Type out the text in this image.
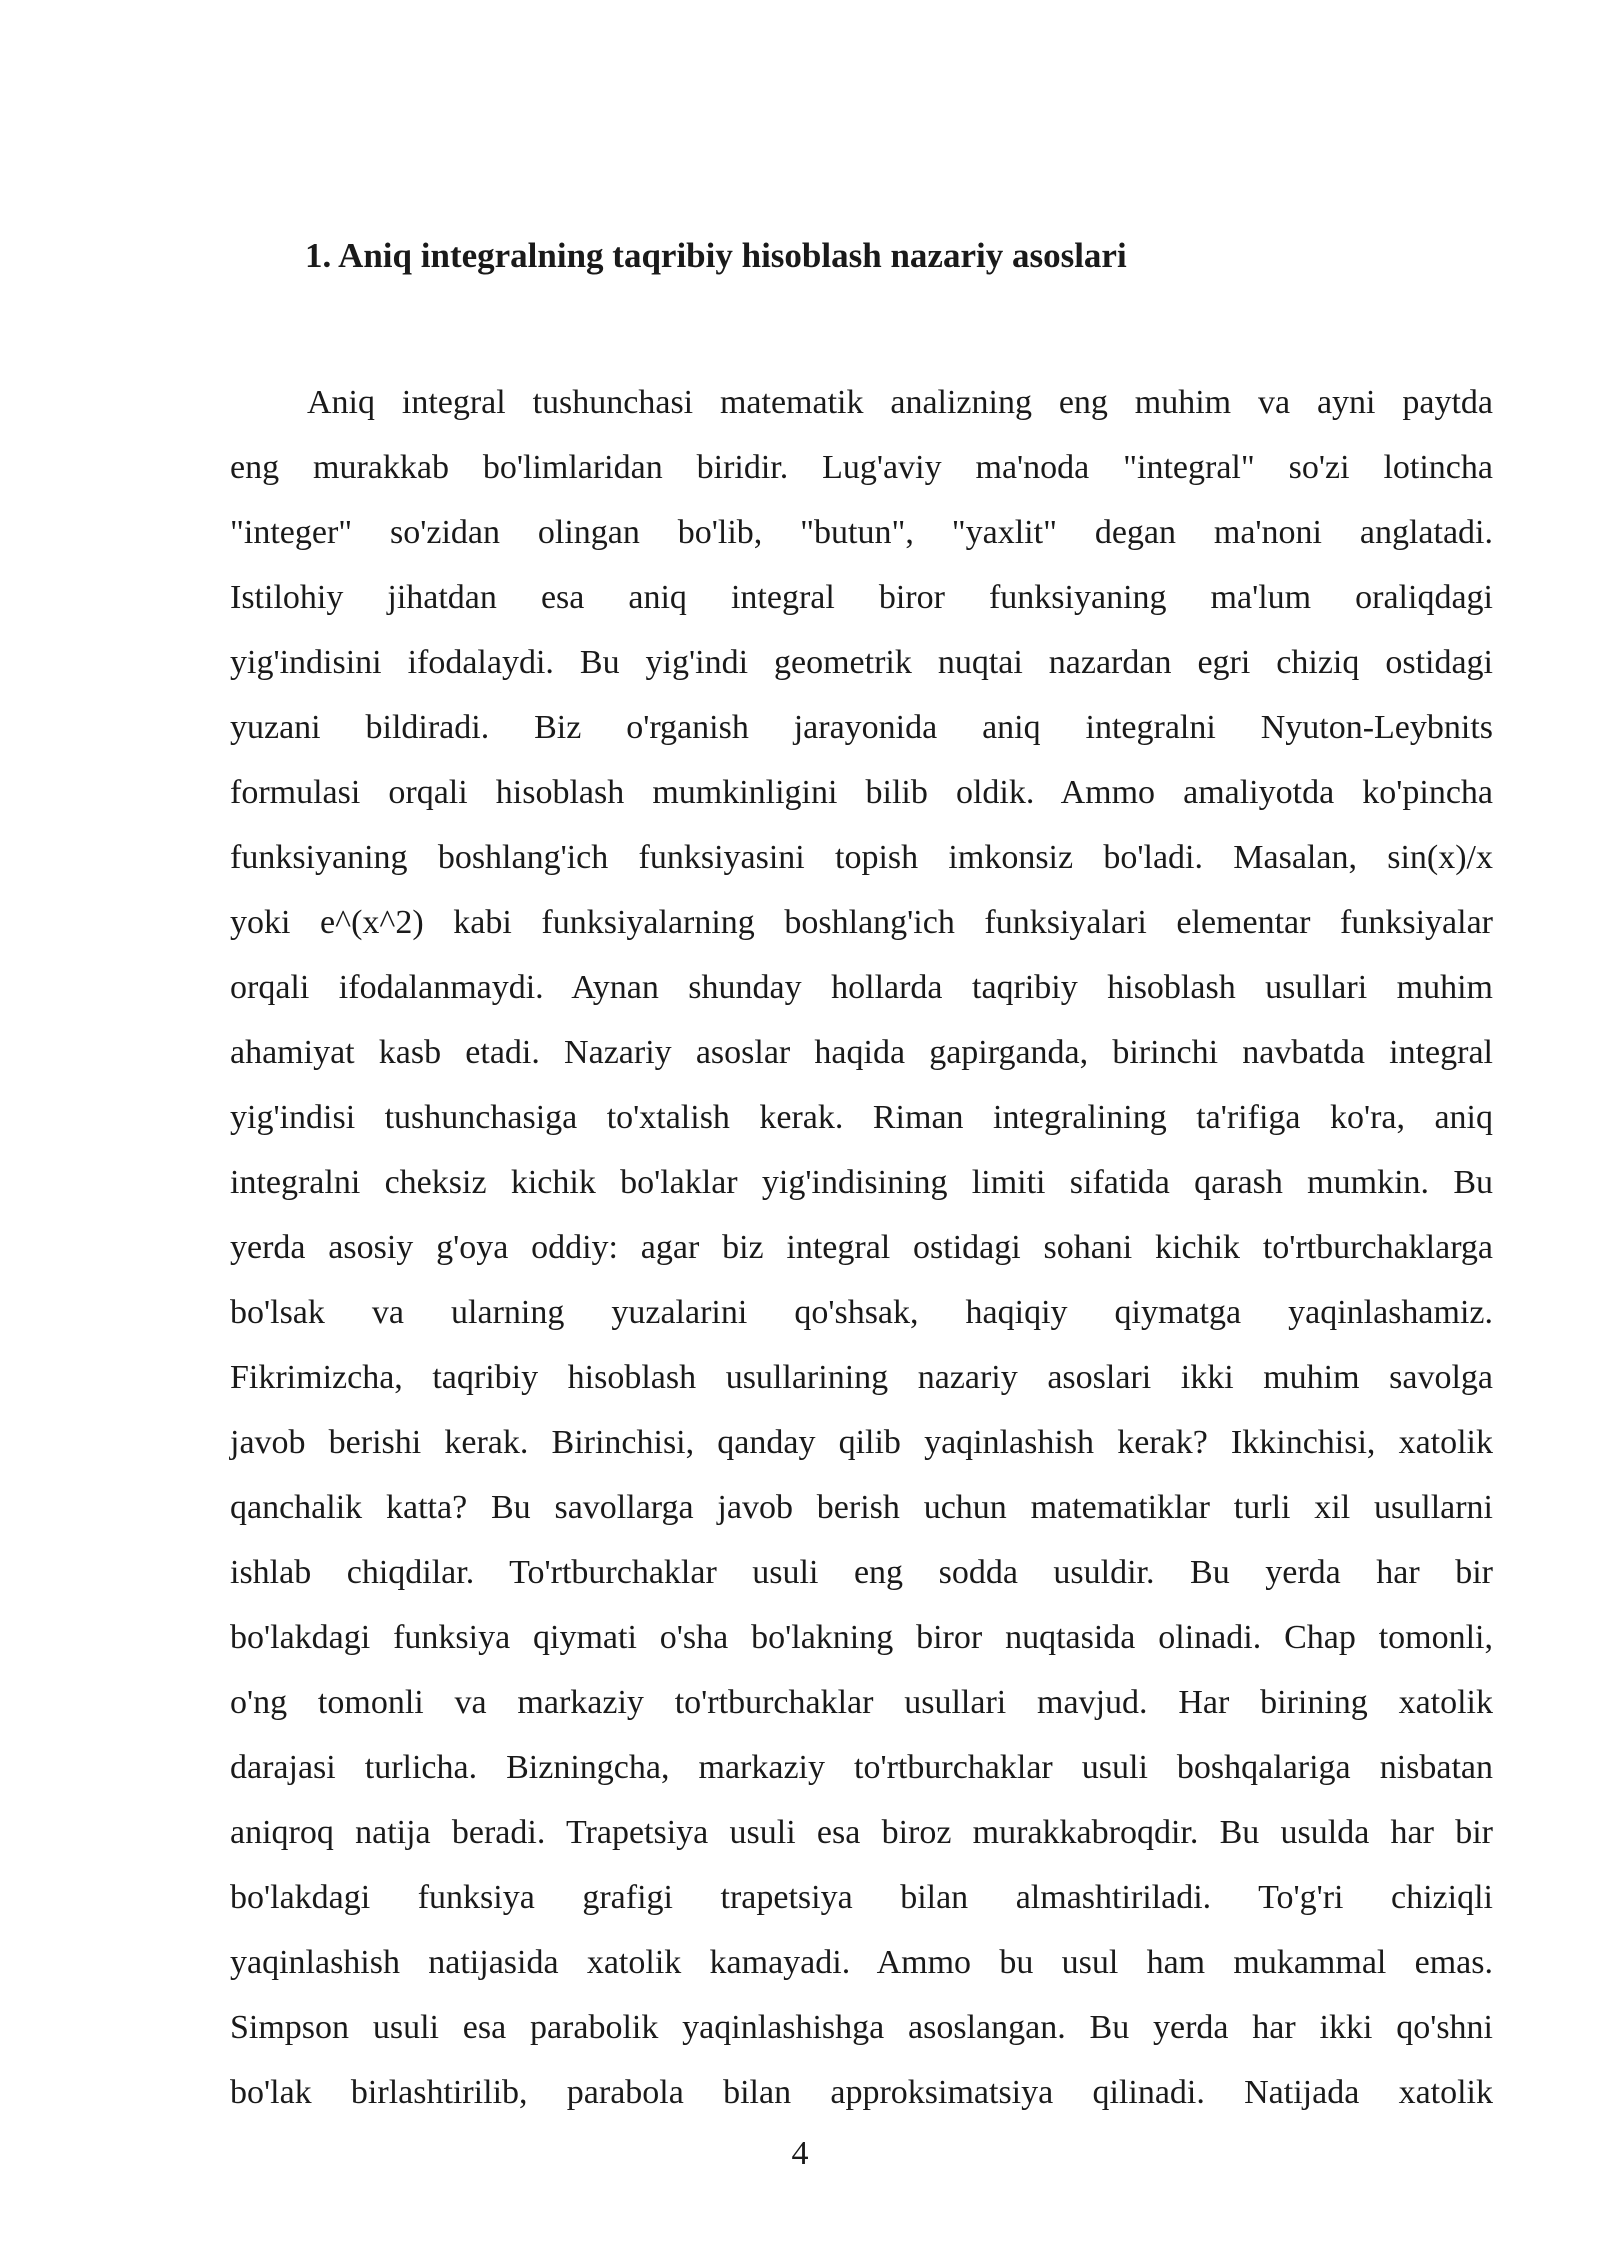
1. Aniq integralning taqribiy hisoblash nazariy asoslari
Aniq integral tushunchasi matematik analizning eng muhim va ayni paytda
eng murakkab bo'limlaridan biridir. Lug'aviy ma'noda "integral" so'zi lotincha
"integer" so'zidan olingan bo'lib, "butun", "yaxlit" degan ma'noni anglatadi.
Istilohiy jihatdan esa aniq integral biror funksiyaning ma'lum oraliqdagi
yig'indisini ifodalaydi. Bu yig'indi geometrik nuqtai nazardan egri chiziq ostidagi
yuzani bildiradi. Biz o'rganish jarayonida aniq integralni Nyuton-Leybnits
formulasi orqali hisoblash mumkinligini bilib oldik. Ammo amaliyotda ko'pincha
funksiyaning boshlang'ich funksiyasini topish imkonsiz bo'ladi. Masalan, sin(x)/x
yoki e^(x^2) kabi funksiyalarning boshlang'ich funksiyalari elementar funksiyalar
orqali ifodalanmaydi. Aynan shunday hollarda taqribiy hisoblash usullari muhim
ahamiyat kasb etadi. Nazariy asoslar haqida gapirganda, birinchi navbatda integral
yig'indisi tushunchasiga to'xtalish kerak. Riman integralining ta'rifiga ko'ra, aniq
integralni cheksiz kichik bo'laklar yig'indisining limiti sifatida qarash mumkin. Bu
yerda asosiy g'oya oddiy: agar biz integral ostidagi sohani kichik to'rtburchaklarga
bo'lsak va ularning yuzalarini qo'shsak, haqiqiy qiymatga yaqinlashamiz.
Fikrimizcha, taqribiy hisoblash usullarining nazariy asoslari ikki muhim savolga
javob berishi kerak. Birinchisi, qanday qilib yaqinlashish kerak? Ikkinchisi, xatolik
qanchalik katta? Bu savollarga javob berish uchun matematiklar turli xil usullarni
ishlab chiqdilar. To'rtburchaklar usuli eng sodda usuldir. Bu yerda har bir
bo'lakdagi funksiya qiymati o'sha bo'lakning biror nuqtasida olinadi. Chap tomonli,
o'ng tomonli va markaziy to'rtburchaklar usullari mavjud. Har birining xatolik
darajasi turlicha. Bizningcha, markaziy to'rtburchaklar usuli boshqalariga nisbatan
aniqroq natija beradi. Trapetsiya usuli esa biroz murakkabroqdir. Bu usulda har bir
bo'lakdagi funksiya grafigi trapetsiya bilan almashtiriladi. To'g'ri chiziqli
yaqinlashish natijasida xatolik kamayadi. Ammo bu usul ham mukammal emas.
Simpson usuli esa parabolik yaqinlashishga asoslangan. Bu yerda har ikki qo'shni
bo'lak birlashtirilib, parabola bilan approksimatsiya qilinadi. Natijada xatolik
4
